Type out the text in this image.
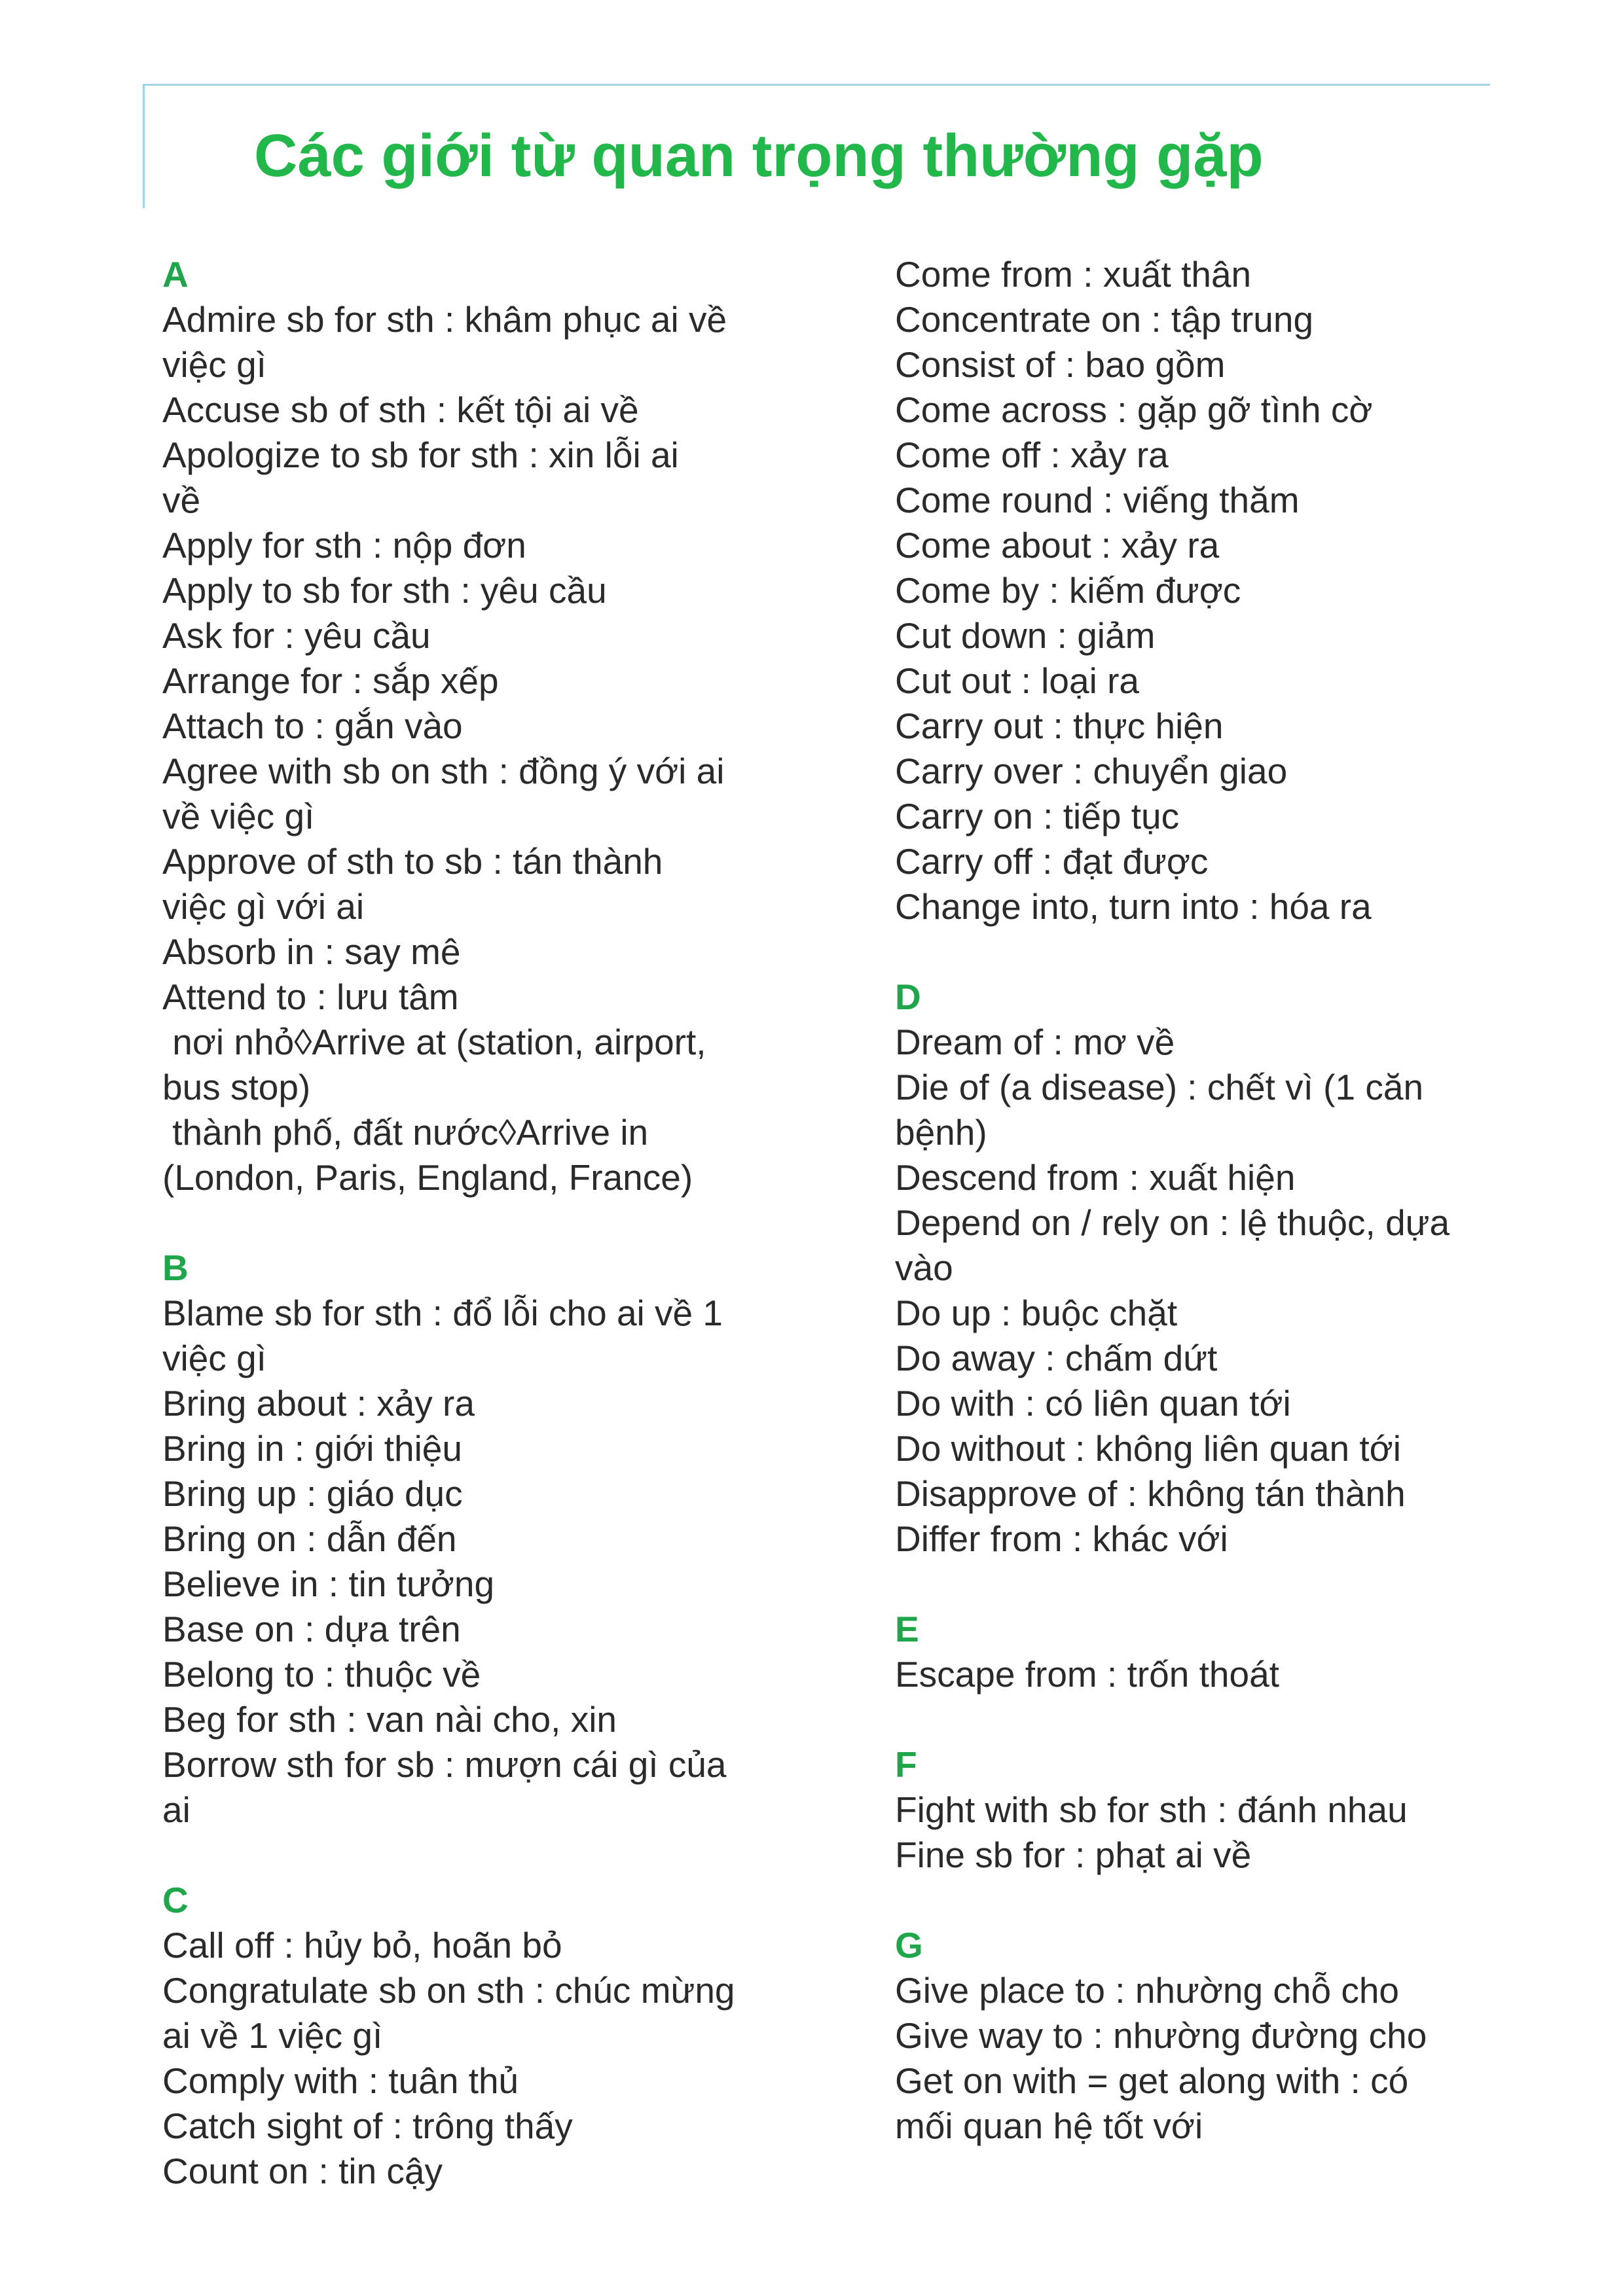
Các giới từ quan trọng thường gặp
A
Admire sb for sth : khâm phục ai về
việc gì
Accuse sb of sth : kết tội ai về
Apologize to sb for sth : xin lỗi ai
về
Apply for sth : nộp đơn
Apply to sb for sth : yêu cầu
Ask for : yêu cầu
Arrange for : sắp xếp
Attach to : gắn vào
Agree with sb on sth : đồng ý với ai
về việc gì
Approve of sth to sb : tán thành
việc gì với ai
Absorb in : say mê
Attend to : lưu tâm
nơi nhỏ◊Arrive at (station, airport,
bus stop)
thành phố, đất nước◊Arrive in
(London, Paris, England, France)
B
Blame sb for sth : đổ lỗi cho ai về 1
việc gì
Bring about : xảy ra
Bring in : giới thiệu
Bring up : giáo dục
Bring on : dẫn đến
Believe in : tin tưởng
Base on : dựa trên
Belong to : thuộc về
Beg for sth : van nài cho, xin
Borrow sth for sb : mượn cái gì của
ai
C
Call off : hủy bỏ, hoãn bỏ
Congratulate sb on sth : chúc mừng
ai về 1 việc gì
Comply with : tuân thủ
Catch sight of : trông thấy
Count on : tin cậy
Come from : xuất thân
Concentrate on : tập trung
Consist of : bao gồm
Come across : gặp gỡ tình cờ
Come off : xảy ra
Come round : viếng thăm
Come about : xảy ra
Come by : kiếm được
Cut down : giảm
Cut out : loại ra
Carry out : thực hiện
Carry over : chuyển giao
Carry on : tiếp tục
Carry off : đạt được
Change into, turn into : hóa ra
D
Dream of : mơ về
Die of (a disease) : chết vì (1 căn
bệnh)
Descend from : xuất hiện
Depend on / rely on : lệ thuộc, dựa
vào
Do up : buộc chặt
Do away : chấm dứt
Do with : có liên quan tới
Do without : không liên quan tới
Disapprove of : không tán thành
Differ from : khác với
E
Escape from : trốn thoát
F
Fight with sb for sth : đánh nhau
Fine sb for : phạt ai về
G
Give place to : nhường chỗ cho
Give way to : nhường đường cho
Get on with = get along with : có
mối quan hệ tốt với
